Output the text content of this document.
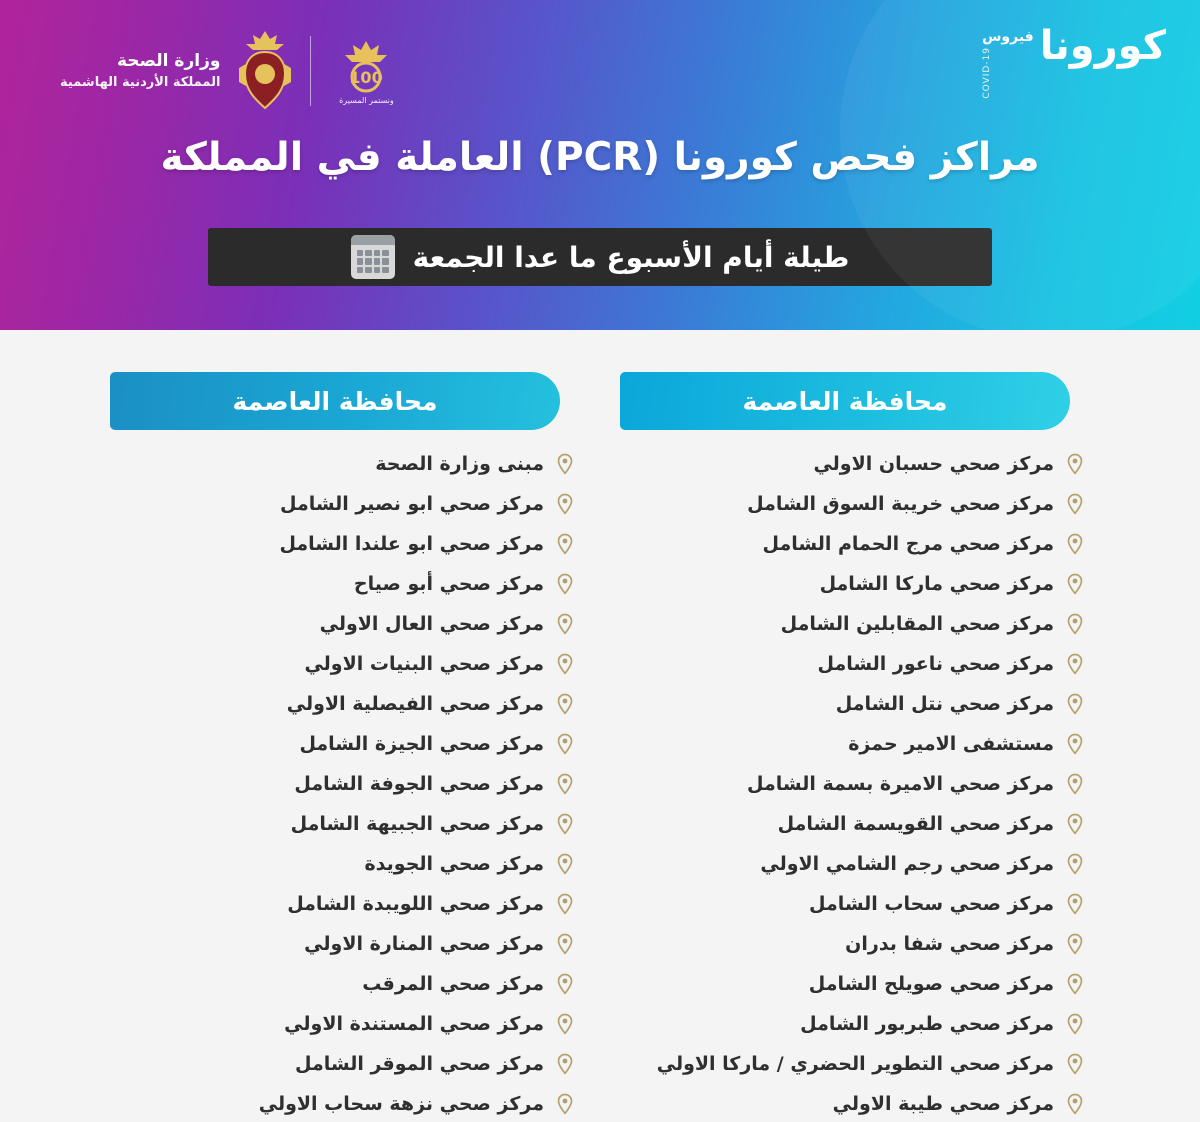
كورونا
فيروس
COVID-19
100
ونستمر المسيرة
وزارة الصحة
المملكة الأردنية الهاشمية
مراكز فحص كورونا (PCR) العاملة في المملكة
طيلة أيام الأسبوع ما عدا الجمعة
محافظة العاصمة
مركز صحي حسبان الاولي
مركز صحي خريبة السوق الشامل
مركز صحي مرج الحمام الشامل
مركز صحي ماركا الشامل
مركز صحي المقابلين الشامل
مركز صحي ناعور الشامل
مركز صحي نتل الشامل
مستشفى الامير حمزة
مركز صحي الاميرة بسمة الشامل
مركز صحي القويسمة الشامل
مركز صحي رجم الشامي الاولي
مركز صحي سحاب الشامل
مركز صحي شفا بدران
مركز صحي صويلح الشامل
مركز صحي طبربور الشامل
مركز صحي التطوير الحضري / ماركا الاولي
مركز صحي طيبة الاولي
محافظة العاصمة
مبنى وزارة الصحة
مركز صحي ابو نصير الشامل
مركز صحي ابو علندا الشامل
مركز صحي أبو صياح
مركز صحي العال الاولي
مركز صحي البنيات الاولي
مركز صحي الفيصلية الاولي
مركز صحي الجيزة الشامل
مركز صحي الجوفة الشامل
مركز صحي الجبيهة الشامل
مركز صحي الجويدة
مركز صحي اللويبدة الشامل
مركز صحي المنارة الاولي
مركز صحي المرقب
مركز صحي المستندة الاولي
مركز صحي الموقر الشامل
مركز صحي نزهة سحاب الاولي
